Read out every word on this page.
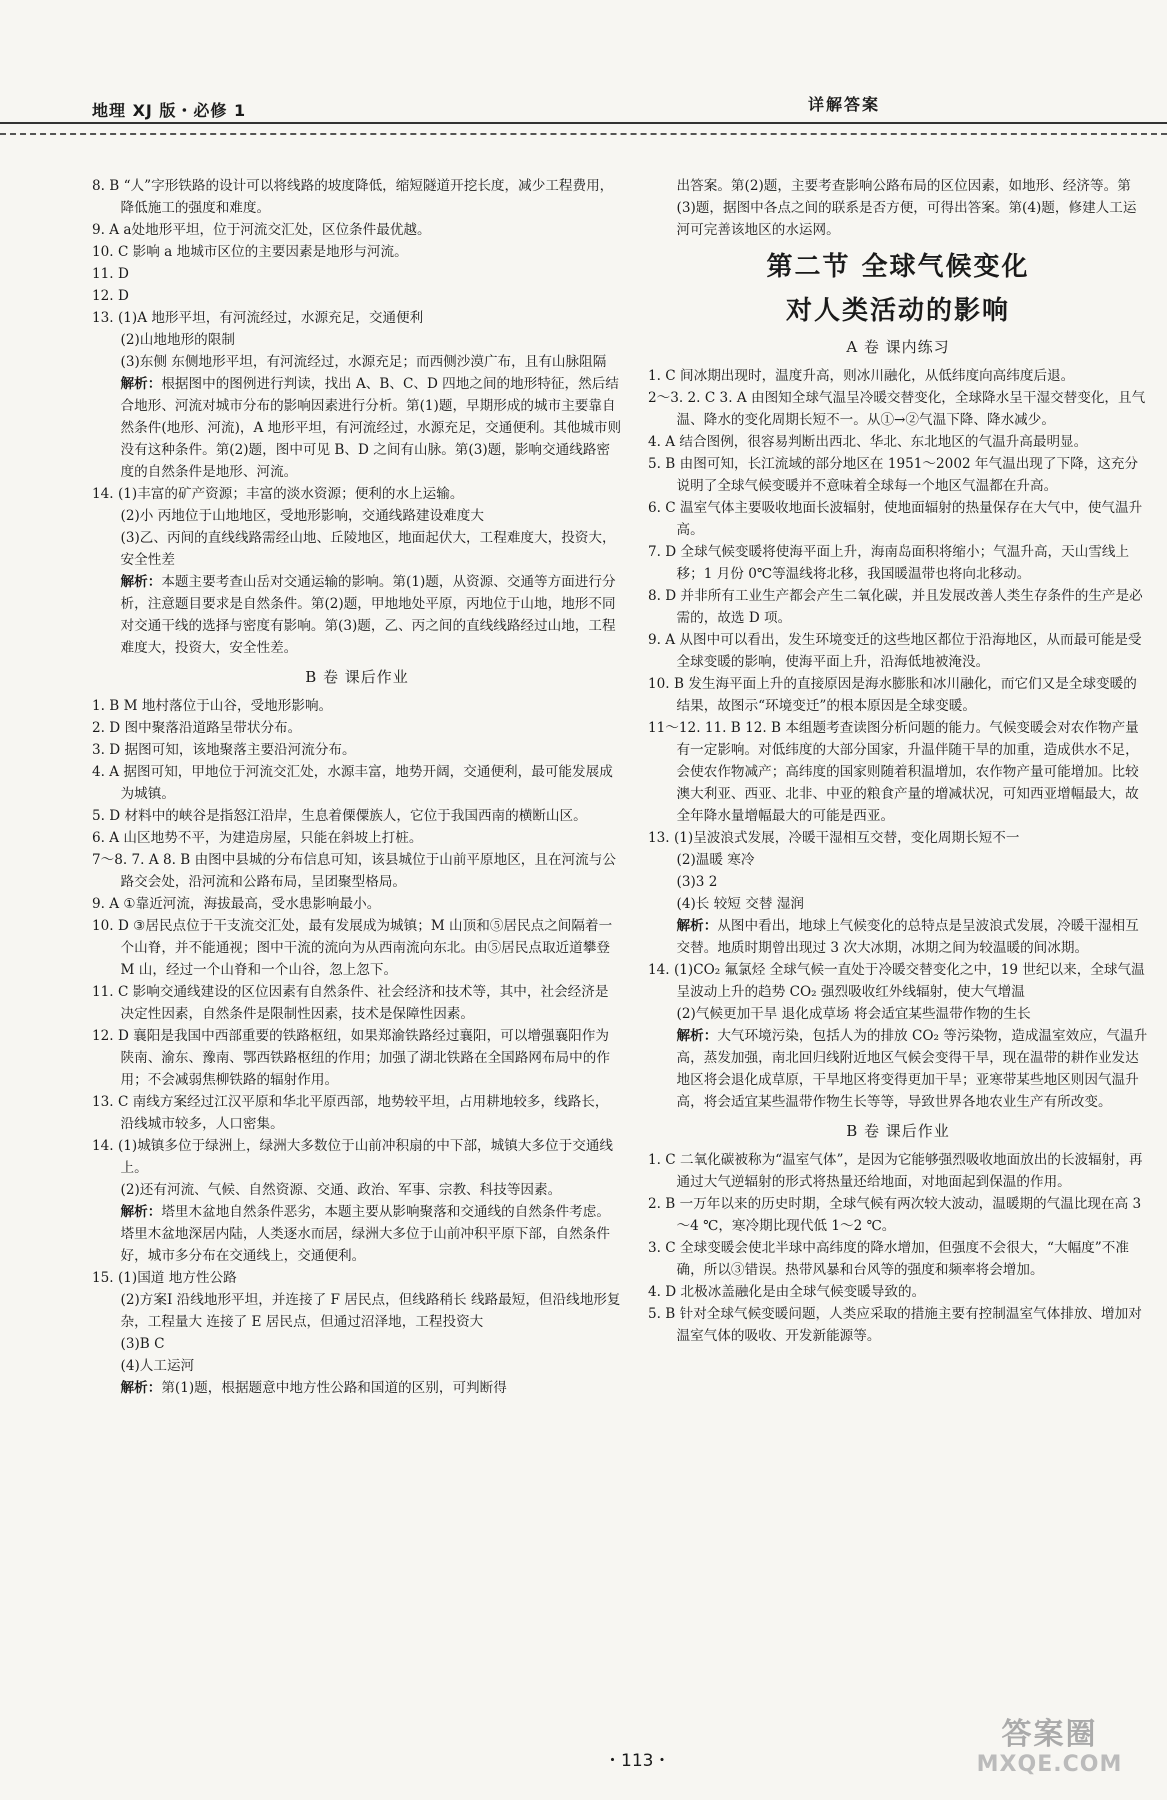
地理 XJ 版・必修 1	详解答案

8. B “人”字形铁路的设计可以将线路的坡度降低，缩短隧道开挖长度，减少工程费用，降低施工的强度和难度。

9. A a处地形平坦，位于河流交汇处，区位条件最优越。

10. C 影响 a 地城市区位的主要因素是地形与河流。

11. D

12. D

13. (1)A 地形平坦，有河流经过，水源充足，交通便利

(2)山地地形的限制

(3)东侧 东侧地形平坦，有河流经过，水源充足；而西侧沙漠广布，且有山脉阻隔

解析：根据图中的图例进行判读，找出 A、B、C、D 四地之间的地形特征，然后结合地形、河流对城市分布的影响因素进行分析。第(1)题，早期形成的城市主要靠自然条件(地形、河流)，A 地形平坦，有河流经过，水源充足，交通便利。其他城市则没有这种条件。第(2)题，图中可见 B、D 之间有山脉。第(3)题，影响交通线路密度的自然条件是地形、河流。

14. (1)丰富的矿产资源；丰富的淡水资源；便利的水上运输。

(2)小 丙地位于山地地区，受地形影响，交通线路建设难度大

(3)乙、丙间的直线线路需经山地、丘陵地区，地面起伏大，工程难度大，投资大，安全性差

解析：本题主要考查山岳对交通运输的影响。第(1)题，从资源、交通等方面进行分析，注意题目要求是自然条件。第(2)题，甲地地处平原，丙地位于山地，地形不同对交通干线的选择与密度有影响。第(3)题，乙、丙之间的直线线路经过山地，工程难度大，投资大，安全性差。

B 卷 课后作业

1. B M 地村落位于山谷，受地形影响。

2. D 图中聚落沿道路呈带状分布。

3. D 据图可知，该地聚落主要沿河流分布。

4. A 据图可知，甲地位于河流交汇处，水源丰富，地势开阔，交通便利，最可能发展成为城镇。

5. D 材料中的峡谷是指怒江沿岸，生息着傈僳族人，它位于我国西南的横断山区。

6. A 山区地势不平，为建造房屋，只能在斜坡上打桩。

7～8. 7. A 8. B 由图中县城的分布信息可知，该县城位于山前平原地区，且在河流与公路交会处，沿河流和公路布局，呈团聚型格局。

9. A ①靠近河流，海拔最高，受水患影响最小。

10. D ③居民点位于干支流交汇处，最有发展成为城镇；M 山顶和⑤居民点之间隔着一个山脊，并不能通视；图中干流的流向为从西南流向东北。由⑤居民点取近道攀登 M 山，经过一个山脊和一个山谷，忽上忽下。

11. C 影响交通线建设的区位因素有自然条件、社会经济和技术等，其中，社会经济是决定性因素，自然条件是限制性因素，技术是保障性因素。

12. D 襄阳是我国中西部重要的铁路枢纽，如果郑渝铁路经过襄阳，可以增强襄阳作为陕南、渝东、豫南、鄂西铁路枢纽的作用；加强了湖北铁路在全国路网布局中的作用；不会减弱焦柳铁路的辐射作用。

13. C 南线方案经过江汉平原和华北平原西部，地势较平坦，占用耕地较多，线路长，沿线城市较多，人口密集。

14. (1)城镇多位于绿洲上，绿洲大多数位于山前冲积扇的中下部，城镇大多位于交通线上。

(2)还有河流、气候、自然资源、交通、政治、军事、宗教、科技等因素。

解析：塔里木盆地自然条件恶劣，本题主要从影响聚落和交通线的自然条件考虑。塔里木盆地深居内陆，人类逐水而居，绿洲大多位于山前冲积平原下部，自然条件好，城市多分布在交通线上，交通便利。

15. (1)国道 地方性公路

(2)方案Ⅰ 沿线地形平坦，并连接了 F 居民点，但线路稍长 线路最短，但沿线地形复杂，工程量大 连接了 E 居民点，但通过沼泽地，工程投资大

(3)B C

(4)人工运河

解析：第(1)题，根据题意中地方性公路和国道的区别，可判断得

出答案。第(2)题，主要考查影响公路布局的区位因素，如地形、经济等。第(3)题，据图中各点之间的联系是否方便，可得出答案。第(4)题，修建人工运河可完善该地区的水运网。

第二节 全球气候变化
对人类活动的影响
A 卷 课内练习

1. C 间冰期出现时，温度升高，则冰川融化，从低纬度向高纬度后退。

2～3. 2. C 3. A 由图知全球气温呈冷暖交替变化，全球降水呈干湿交替变化，且气温、降水的变化周期长短不一。从①→②气温下降、降水减少。

4. A 结合图例，很容易判断出西北、华北、东北地区的气温升高最明显。

5. B 由图可知，长江流域的部分地区在 1951～2002 年气温出现了下降，这充分说明了全球气候变暖并不意味着全球每一个地区气温都在升高。

6. C 温室气体主要吸收地面长波辐射，使地面辐射的热量保存在大气中，使气温升高。

7. D 全球气候变暖将使海平面上升，海南岛面积将缩小；气温升高，天山雪线上移；1 月份 0℃等温线将北移，我国暖温带也将向北移动。

8. D 并非所有工业生产都会产生二氧化碳，并且发展改善人类生存条件的生产是必需的，故选 D 项。

9. A 从图中可以看出，发生环境变迁的这些地区都位于沿海地区，从而最可能是受全球变暖的影响，使海平面上升，沿海低地被淹没。

10. B 发生海平面上升的直接原因是海水膨胀和冰川融化，而它们又是全球变暖的结果，故图示“环境变迁”的根本原因是全球变暖。

11～12. 11. B 12. B 本组题考查读图分析问题的能力。气候变暖会对农作物产量有一定影响。对低纬度的大部分国家，升温伴随干旱的加重，造成供水不足，会使农作物减产；高纬度的国家则随着积温增加，农作物产量可能增加。比较澳大利亚、西亚、北非、中亚的粮食产量的增减状况，可知西亚增幅最大，故全年降水量增幅最大的可能是西亚。

13. (1)呈波浪式发展，冷暖干湿相互交替，变化周期长短不一

(2)温暖 寒冷

(3)3 2

(4)长 较短 交替 湿润

解析：从图中看出，地球上气候变化的总特点是呈波浪式发展，冷暖干湿相互交替。地质时期曾出现过 3 次大冰期，冰期之间为较温暖的间冰期。

14. (1)CO₂ 氟氯烃 全球气候一直处于冷暖交替变化之中，19 世纪以来，全球气温呈波动上升的趋势 CO₂ 强烈吸收红外线辐射，使大气增温

(2)气候更加干旱 退化成草场 将会适宜某些温带作物的生长

解析：大气环境污染，包括人为的排放 CO₂ 等污染物，造成温室效应，气温升高，蒸发加强，南北回归线附近地区气候会变得干旱，现在温带的耕作业发达地区将会退化成草原，干旱地区将变得更加干旱；亚寒带某些地区则因气温升高，将会适宜某些温带作物生长等等，导致世界各地农业生产有所改变。

B 卷 课后作业

1. C 二氧化碳被称为“温室气体”，是因为它能够强烈吸收地面放出的长波辐射，再通过大气逆辐射的形式将热量还给地面，对地面起到保温的作用。

2. B 一万年以来的历史时期，全球气候有两次较大波动，温暖期的气温比现在高 3～4 ℃，寒冷期比现代低 1～2 ℃。

3. C 全球变暖会使北半球中高纬度的降水增加，但强度不会很大，“大幅度”不准确，所以③错误。热带风暴和台风等的强度和频率将会增加。

4. D 北极冰盖融化是由全球气候变暖导致的。

5. B 针对全球气候变暖问题，人类应采取的措施主要有控制温室气体排放、增加对温室气体的吸收、开发新能源等。

・113・
答案圈
MXQE.COM
